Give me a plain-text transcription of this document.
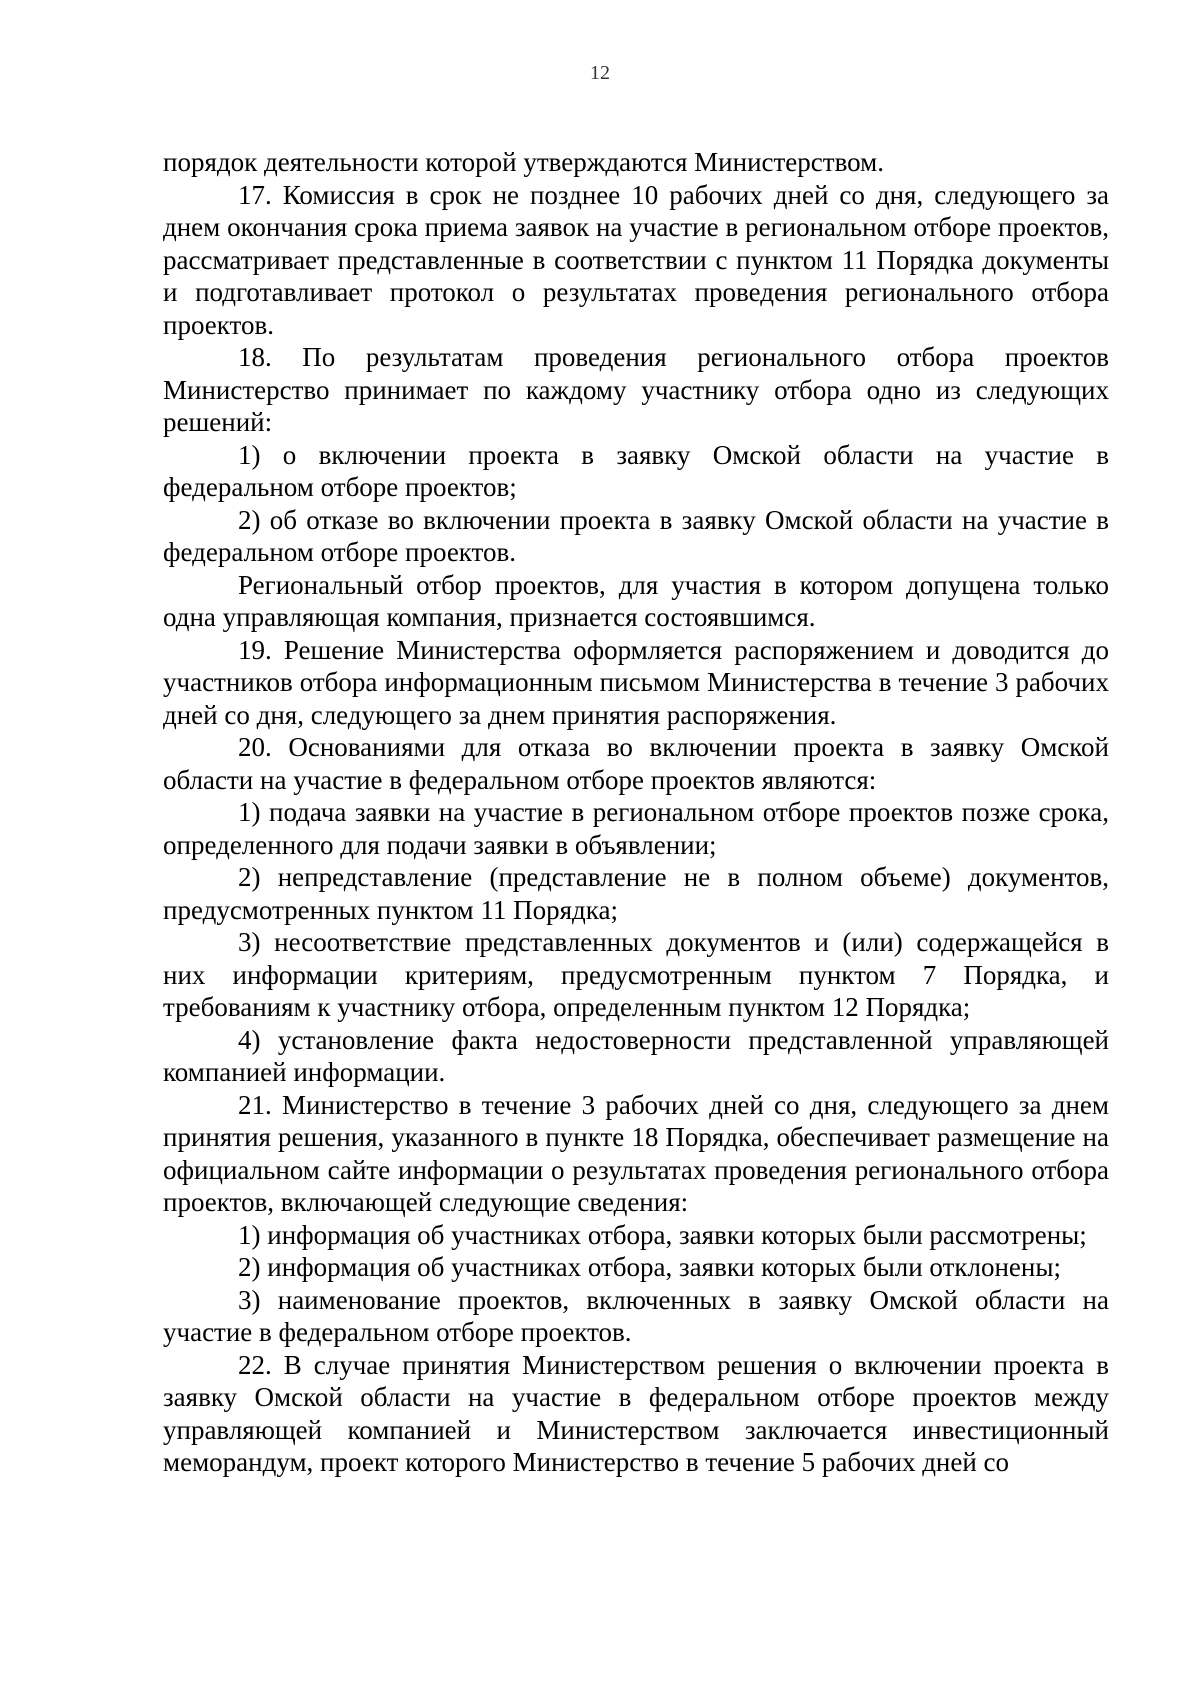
12

порядок деятельности которой утверждаются Министерством.

17. Комиссия в срок не позднее 10 рабочих дней со дня, следующего за днем окончания срока приема заявок на участие в региональном отборе проектов, рассматривает представленные в соответствии с пунктом 11 Порядка документы и подготавливает протокол о результатах проведения регионального отбора проектов.

18. По результатам проведения регионального отбора проектов Министерство принимает по каждому участнику отбора одно из следующих решений:

1) о включении проекта в заявку Омской области на участие в федеральном отборе проектов;

2) об отказе во включении проекта в заявку Омской области на участие в федеральном отборе проектов.

Региональный отбор проектов, для участия в котором допущена только одна управляющая компания, признается состоявшимся.

19. Решение Министерства оформляется распоряжением и доводится до участников отбора информационным письмом Министерства в течение 3 рабочих дней со дня, следующего за днем принятия распоряжения.

20. Основаниями для отказа во включении проекта в заявку Омской области на участие в федеральном отборе проектов являются:

1) подача заявки на участие в региональном отборе проектов позже срока, определенного для подачи заявки в объявлении;

2) непредставление (представление не в полном объеме) документов, предусмотренных пунктом 11 Порядка;

3) несоответствие представленных документов и (или) содержащейся в них информации критериям, предусмотренным пунктом 7 Порядка, и требованиям к участнику отбора, определенным пунктом 12 Порядка;

4) установление факта недостоверности представленной управляющей компанией информации.

21. Министерство в течение 3 рабочих дней со дня, следующего за днем принятия решения, указанного в пункте 18 Порядка, обеспечивает размещение на официальном сайте информации о результатах проведения регионального отбора проектов, включающей следующие сведения:

1) информация об участниках отбора, заявки которых были рассмотрены;

2) информация об участниках отбора, заявки которых были отклонены;

3) наименование проектов, включенных в заявку Омской области на участие в федеральном отборе проектов.

22. В случае принятия Министерством решения о включении проекта в заявку Омской области на участие в федеральном отборе проектов между управляющей компанией и Министерством заключается инвестиционный меморандум, проект которого Министерство в течение 5 рабочих дней со
